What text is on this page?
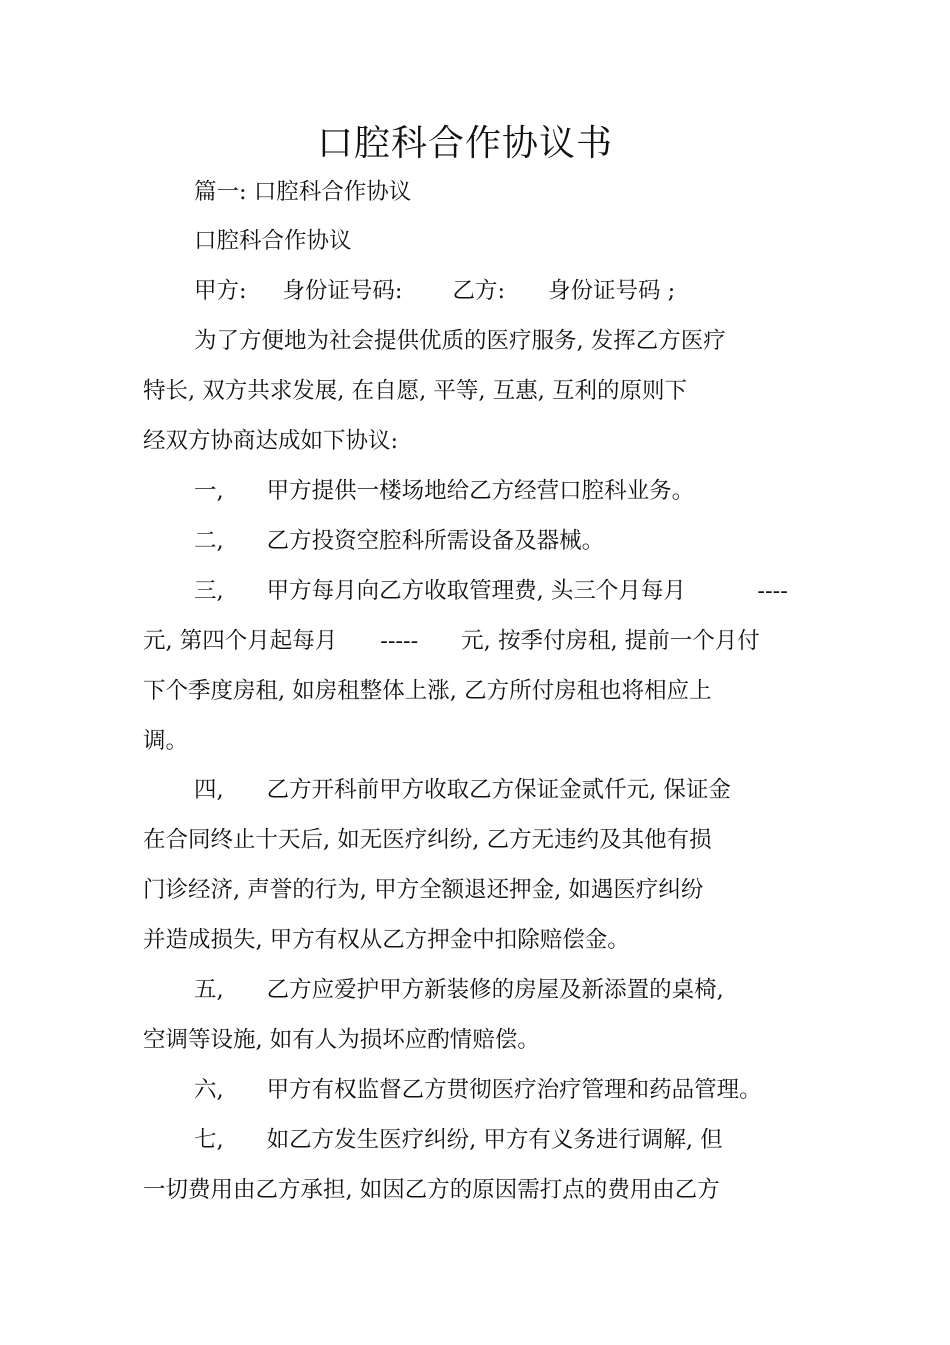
口腔科合作协议书
篇一: 口腔科合作协议
口腔科合作协议
甲方:     身份证号码:       乙方:      身份证号码 ;
为了方便地为社会提供优质的医疗服务, 发挥乙方医疗
特长, 双方共求发展, 在自愿, 平等, 互惠, 互利的原则下
经双方协商达成如下协议:
一,      甲方提供一楼场地给乙方经营口腔科业务。
二,      乙方投资空腔科所需设备及器械。
三,      甲方每月向乙方收取管理费, 头三个月每月          ----
元, 第四个月起每月      -----      元, 按季付房租, 提前一个月付
下个季度房租, 如房租整体上涨, 乙方所付房租也将相应上
调。
四,      乙方开科前甲方收取乙方保证金贰仟元, 保证金
在合同终止十天后, 如无医疗纠纷, 乙方无违约及其他有损
门诊经济, 声誉的行为, 甲方全额退还押金, 如遇医疗纠纷
并造成损失, 甲方有权从乙方押金中扣除赔偿金。
五,      乙方应爱护甲方新装修的房屋及新添置的桌椅,
空调等设施, 如有人为损坏应酌情赔偿。
六,      甲方有权监督乙方贯彻医疗治疗管理和药品管理。
七,      如乙方发生医疗纠纷, 甲方有义务进行调解, 但
一切费用由乙方承担, 如因乙方的原因需打点的费用由乙方
